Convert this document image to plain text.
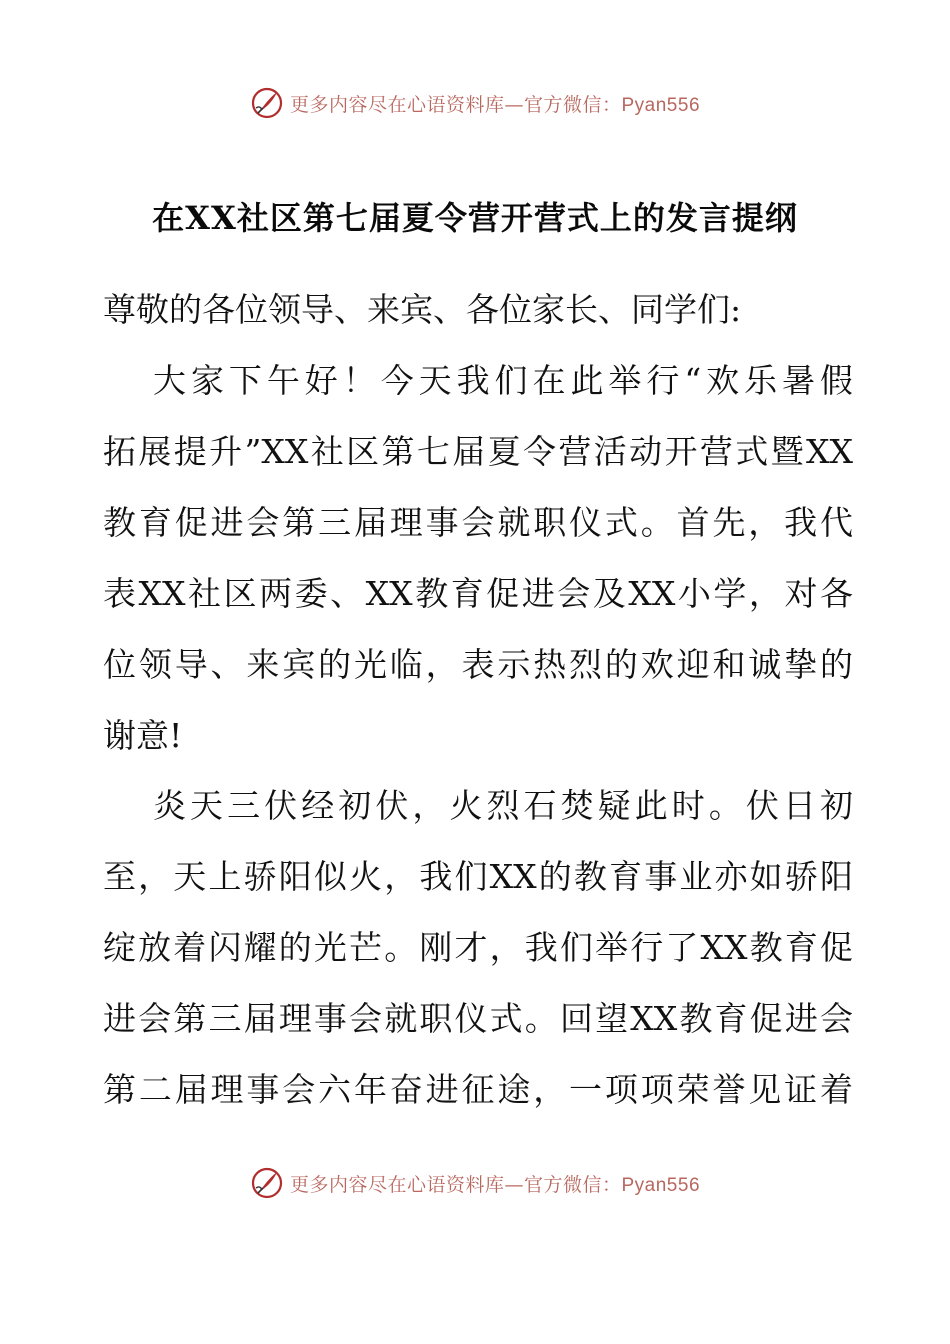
更多内容尽在心语资料库—官方微信：Pyan556
在XX社区第七届夏令营开营式上的发言提纲
尊敬的各位领导、来宾、各位家长、同学们:
大家下午好！今天我们在此举行“欢乐暑假
拓展提升”XX社区第七届夏令营活动开营式暨XX
教育促进会第三届理事会就职仪式。首先，我代
表XX社区两委、XX教育促进会及XX小学，对各
位领导、来宾的光临，表示热烈的欢迎和诚挚的
谢意!
炎天三伏经初伏，火烈石焚疑此时。伏日初
至，天上骄阳似火，我们XX的教育事业亦如骄阳
绽放着闪耀的光芒。刚才，我们举行了XX教育促
进会第三届理事会就职仪式。回望XX教育促进会
第二届理事会六年奋进征途，一项项荣誉见证着
更多内容尽在心语资料库—官方微信：Pyan556
